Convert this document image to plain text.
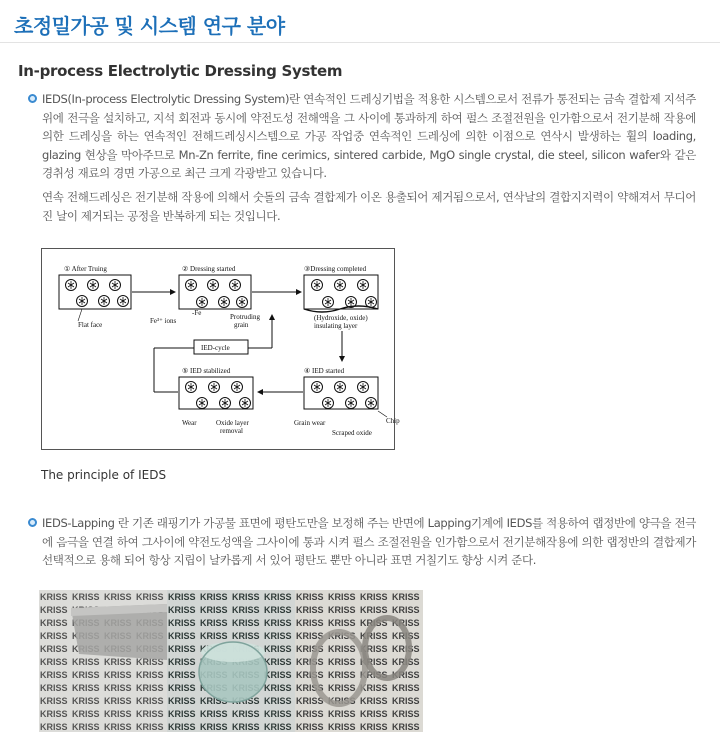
초정밀가공 및 시스템 연구 분야
In-process Electrolytic Dressing System

IEDS(In-process Electrolytic Dressing System)란 연속적인 드레싱기법을 적용한 시스템으로서 전류가 통전되는 금속 결합제 지석주위에 전극을 설치하고, 지석 회전과 동시에 약전도성 전해액을 그 사이에 통과하게 하여 펄스 조절전원을 인가함으로서 전기분해 작용에 의한 드레싱을 하는 연속적인 전해드레싱시스템으로 가공 작업중 연속적인 드레싱에 의한 이점으로 연삭시 발생하는 휠의 loading, glazing 현상을 막아주므로 Mn-Zn ferrite, fine cerimics, sintered carbide, MgO single crystal, die steel, silicon wafer와 같은 경취성 재료의 경면 가공으로 최근 크게 각광받고 있습니다.

연속 전해드레싱은 전기분해 작용에 의해서 숫돌의 금속 결합제가 이온 용출되어 제거됨으로서, 연삭날의 결합지지력이 약해져서 무디어진 날이 제거되는 공정을 반복하게 되는 것입니다.

① After Truing
Flat face
② Dressing started
Fe³⁺ ions
-Fe	Protruding
grain
③Dressing completed
(Hydroxide, oxide)
insulating layer
④ IED started
Grain wear
Scraped oxide
Chip
⑤ IED stabilized
Wear	Oxide layer
removal
IED-cycle
The principle of IEDS

IEDS-Lapping 란 기존 래핑기가 가공물 표면에 평탄도만을 보정해 주는 반면에 Lapping기계에 IEDS를 적용하여 랩정반에 양극을 전극에 음극을 연결 하여 그사이에 약전도성액을 그사이에 통과 시켜 펄스 조절전원을 인가함으로서 전기분해작용에 의한 랩정반의 결합제가 선택적으로 용해 되어 항상 지립이 날카롭게 서 있어 평탄도 뿐만 아니라 표면 거칠기도 향상 시켜 준다.
